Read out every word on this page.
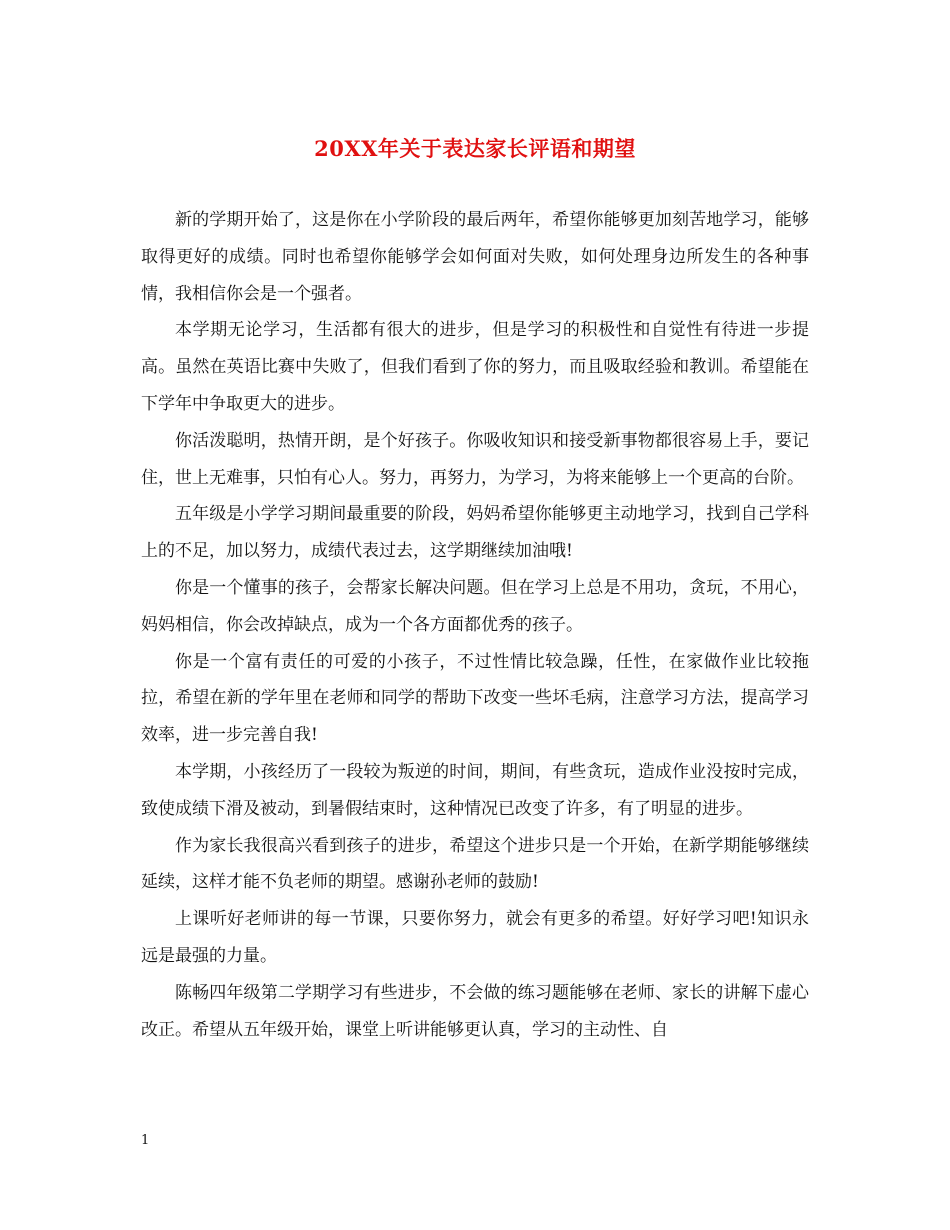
20XX年关于表达家长评语和期望

新的学期开始了，这是你在小学阶段的最后两年，希望你能够更加刻苦地学习，能够取得更好的成绩。同时也希望你能够学会如何面对失败，如何处理身边所发生的各种事情，我相信你会是一个强者。

本学期无论学习，生活都有很大的进步，但是学习的积极性和自觉性有待进一步提高。虽然在英语比赛中失败了，但我们看到了你的努力，而且吸取经验和教训。希望能在下学年中争取更大的进步。

你活泼聪明，热情开朗，是个好孩子。你吸收知识和接受新事物都很容易上手，要记住，世上无难事，只怕有心人。努力，再努力，为学习，为将来能够上一个更高的台阶。

五年级是小学学习期间最重要的阶段，妈妈希望你能够更主动地学习，找到自己学科上的不足，加以努力，成绩代表过去，这学期继续加油哦!

你是一个懂事的孩子，会帮家长解决问题。但在学习上总是不用功，贪玩，不用心，妈妈相信，你会改掉缺点，成为一个各方面都优秀的孩子。

你是一个富有责任的可爱的小孩子，不过性情比较急躁，任性，在家做作业比较拖拉，希望在新的学年里在老师和同学的帮助下改变一些坏毛病，注意学习方法，提高学习效率，进一步完善自我!

本学期，小孩经历了一段较为叛逆的时间，期间，有些贪玩，造成作业没按时完成，致使成绩下滑及被动，到暑假结束时，这种情况已改变了许多，有了明显的进步。

作为家长我很高兴看到孩子的进步，希望这个进步只是一个开始，在新学期能够继续延续，这样才能不负老师的期望。感谢孙老师的鼓励!

上课听好老师讲的每一节课，只要你努力，就会有更多的希望。好好学习吧!知识永远是最强的力量。

陈畅四年级第二学期学习有些进步，不会做的练习题能够在老师、家长的讲解下虚心改正。希望从五年级开始，课堂上听讲能够更认真，学习的主动性、自

1
